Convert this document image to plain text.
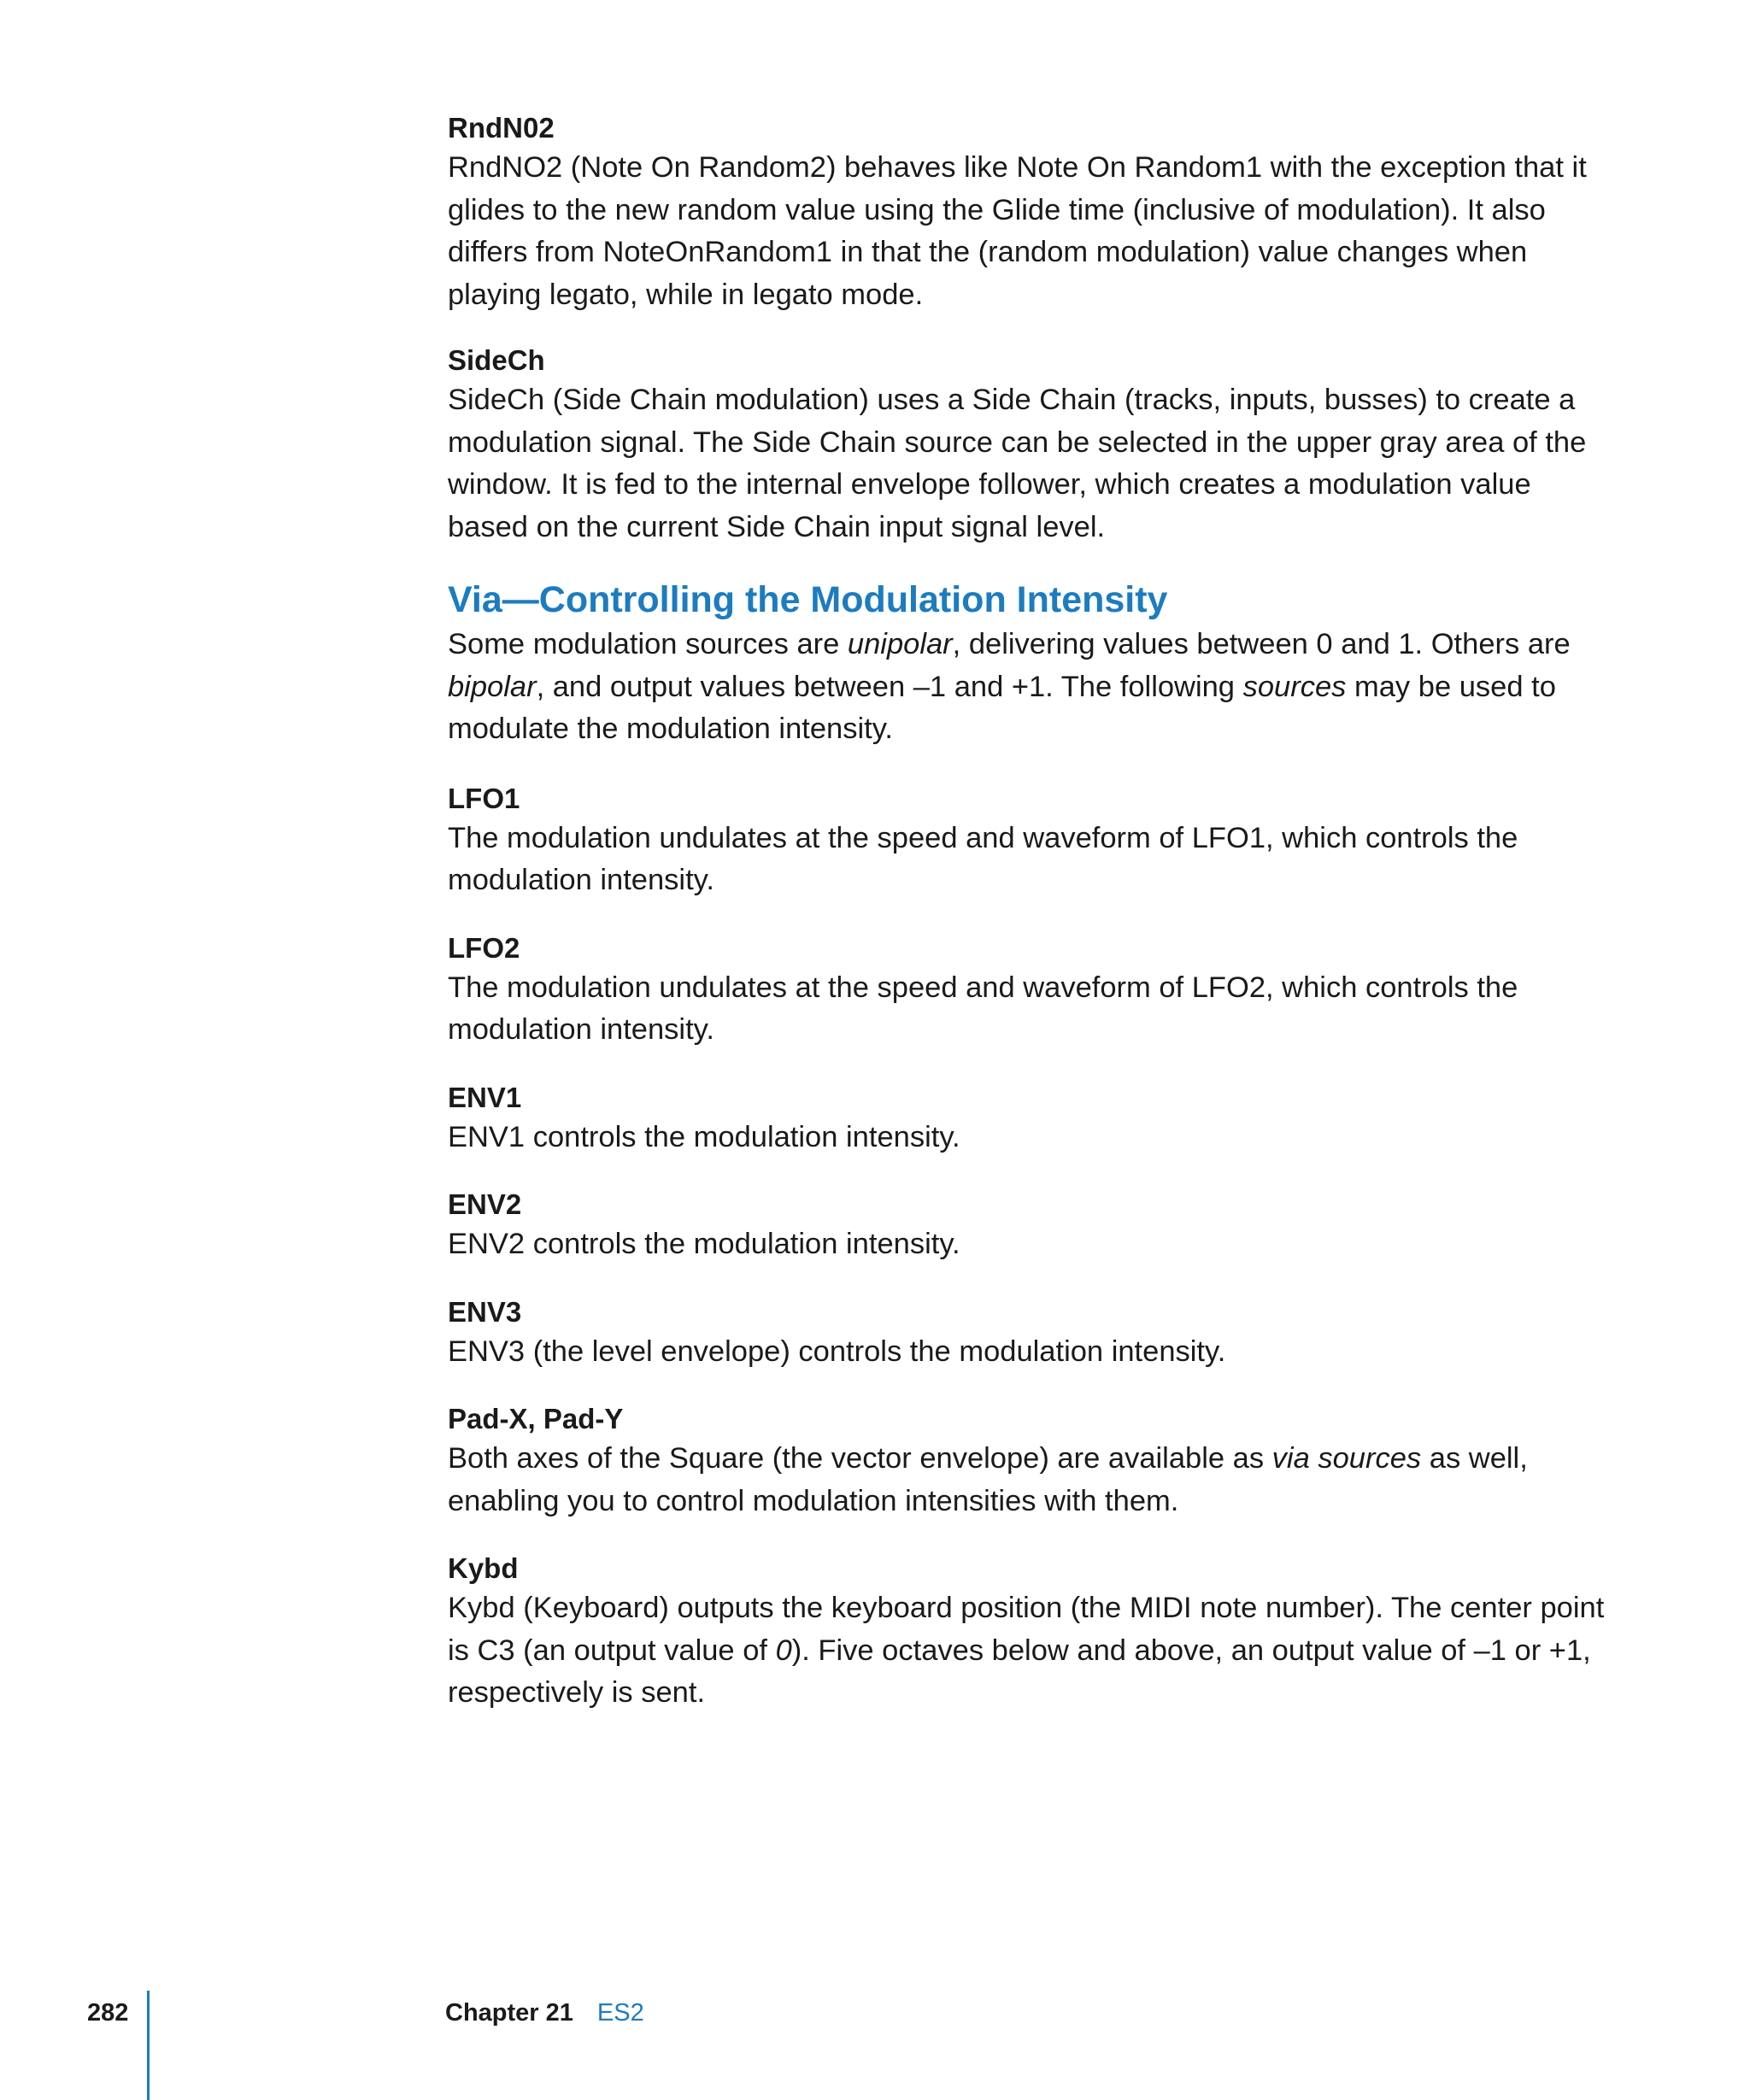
RndN02

RndNO2 (Note On Random2) behaves like Note On Random1 with the exception that it glides to the new random value using the Glide time (inclusive of modulation). It also differs from NoteOnRandom1 in that the (random modulation) value changes when playing legato, while in legato mode.

SideCh

SideCh (Side Chain modulation) uses a Side Chain (tracks, inputs, busses) to create a modulation signal. The Side Chain source can be selected in the upper gray area of the window. It is fed to the internal envelope follower, which creates a modulation value based on the current Side Chain input signal level.

Via—Controlling the Modulation Intensity

Some modulation sources are unipolar, delivering values between 0 and 1. Others are bipolar, and output values between –1 and +1. The following sources may be used to modulate the modulation intensity.

LFO1

The modulation undulates at the speed and waveform of LFO1, which controls the modulation intensity.

LFO2

The modulation undulates at the speed and waveform of LFO2, which controls the modulation intensity.

ENV1

ENV1 controls the modulation intensity.

ENV2

ENV2 controls the modulation intensity.

ENV3

ENV3 (the level envelope) controls the modulation intensity.

Pad-X, Pad-Y

Both axes of the Square (the vector envelope) are available as via sources as well, enabling you to control modulation intensities with them.

Kybd

Kybd (Keyboard) outputs the keyboard position (the MIDI note number). The center point is C3 (an output value of 0). Five octaves below and above, an output value of –1 or +1, respectively is sent.

282	Chapter 21 ES2
